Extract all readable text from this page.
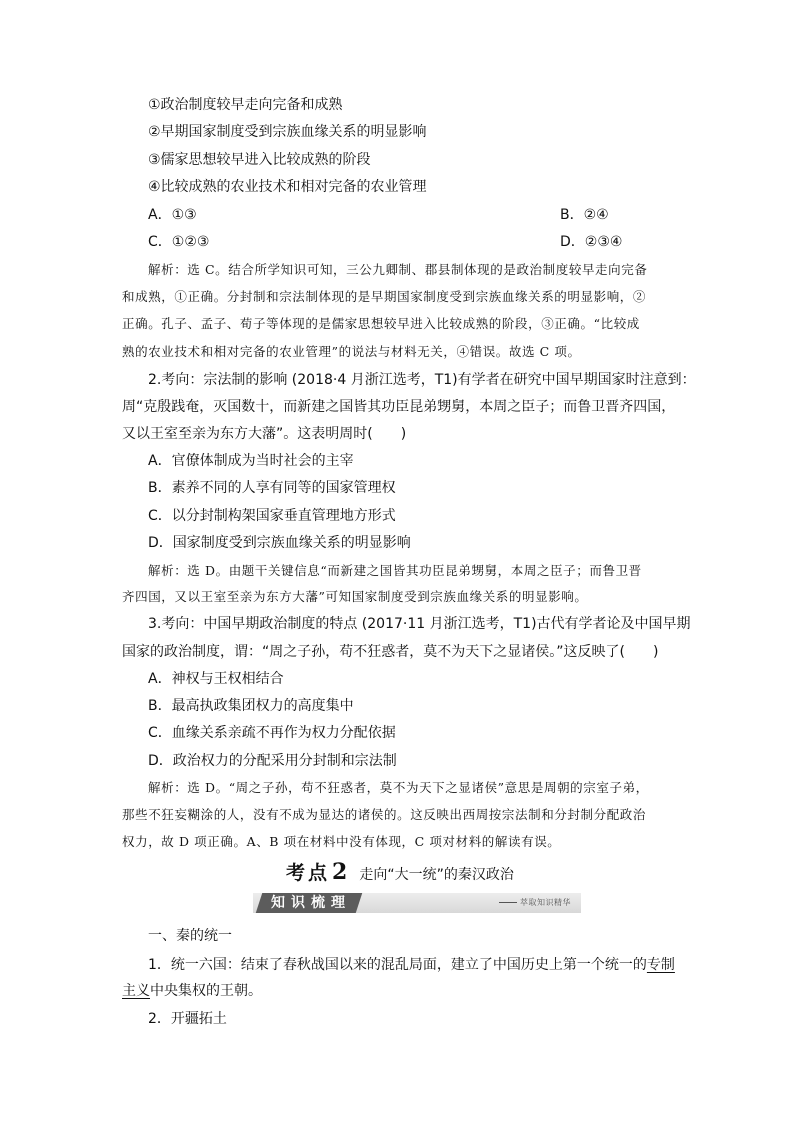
①政治制度较早走向完备和成熟
②早期国家制度受到宗族血缘关系的明显影响
③儒家思想较早进入比较成熟的阶段
④比较成熟的农业技术和相对完备的农业管理
A．①③	B．②④
C．①②③	D．②③④
解析：选 C。结合所学知识可知，三公九卿制、郡县制体现的是政治制度较早走向完备
和成熟，①正确。分封制和宗法制体现的是早期国家制度受到宗族血缘关系的明显影响，②
正确。孔子、孟子、荀子等体现的是儒家思想较早进入比较成熟的阶段，③正确。“比较成
熟的农业技术和相对完备的农业管理”的说法与材料无关，④错误。故选 C 项。
2.考向：宗法制的影响 (2018·4 月浙江选考，T1)有学者在研究中国早期国家时注意到：
周“克殷践奄，灭国数十，而新建之国皆其功臣昆弟甥舅，本周之臣子；而鲁卫晋齐四国，
又以王室至亲为东方大藩”。这表明周时(　　)
A．官僚体制成为当时社会的主宰
B．素养不同的人享有同等的国家管理权
C．以分封制构架国家垂直管理地方形式
D．国家制度受到宗族血缘关系的明显影响
解析：选 D。由题干关键信息“而新建之国皆其功臣昆弟甥舅，本周之臣子；而鲁卫晋
齐四国，又以王室至亲为东方大藩”可知国家制度受到宗族血缘关系的明显影响。
3.考向：中国早期政治制度的特点 (2017·11 月浙江选考，T1)古代有学者论及中国早期
国家的政治制度，谓：“周之子孙，苟不狂惑者，莫不为天下之显诸侯。”这反映了(　　)
A．神权与王权相结合
B．最高执政集团权力的高度集中
C．血缘关系亲疏不再作为权力分配依据
D．政治权力的分配采用分封制和宗法制
解析：选 D。“周之子孙，苟不狂惑者，莫不为天下之显诸侯”意思是周朝的宗室子弟，
那些不狂妄糊涂的人，没有不成为显达的诸侯的。这反映出西周按宗法制和分封制分配政治
权力，故 D 项正确。A、B 项在材料中没有体现，C 项对材料的解读有误。
考点2 走向“大一统”的秦汉政治
知识梳理	萃取知识精华
一、秦的统一
1．统一六国：结束了春秋战国以来的混乱局面，建立了中国历史上第一个统一的专制
主义中央集权的王朝。
2．开疆拓土
